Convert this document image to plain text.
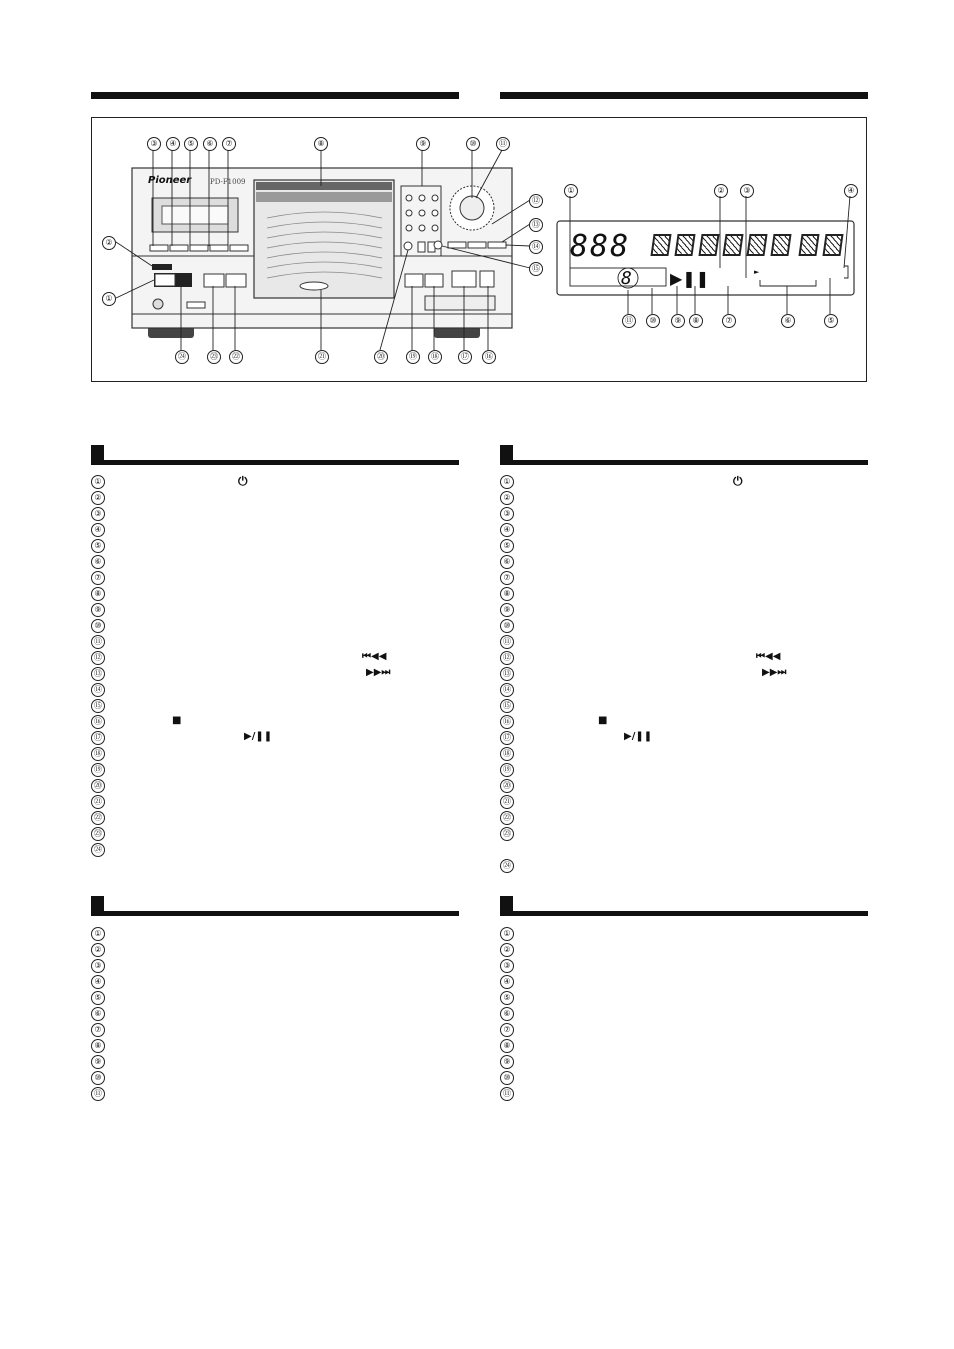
888
8 ▶❚❚	►
Pioneer	PD-F1009
③	④	⑤	⑥	⑦	⑧	⑨	⑩	⑪
②
①
⑫
⑬
⑭
⑮
㉔	㉓	㉒	㉑	⑳	⑲	⑱	⑰	⑯
①	②	③	④
⑪	⑩	⑨	⑧	⑦	⑥	⑤
①
②
③
④
⑤
⑥
⑦
⑧
⑨
⑩
⑪
⑫
⑬
⑭
⑮
⑯
⑰
⑱
⑲
⑳
㉑
㉒
㉓
㉔
①
②
③
④
⑤
⑥
⑦
⑧
⑨
⑩
⑪
⑫
⑬
⑭
⑮
⑯
⑰
⑱
⑲
⑳
㉑
㉒
㉓
㉔
⏻
⏮◀◀
▶▶⏭
■
▶/❚❚
⏻
⏮◀◀
▶▶⏭
■
▶/❚❚
①
②
③
④
⑤
⑥
⑦
⑧
⑨
⑩
⑪
①
②
③
④
⑤
⑥
⑦
⑧
⑨
⑩
⑪
